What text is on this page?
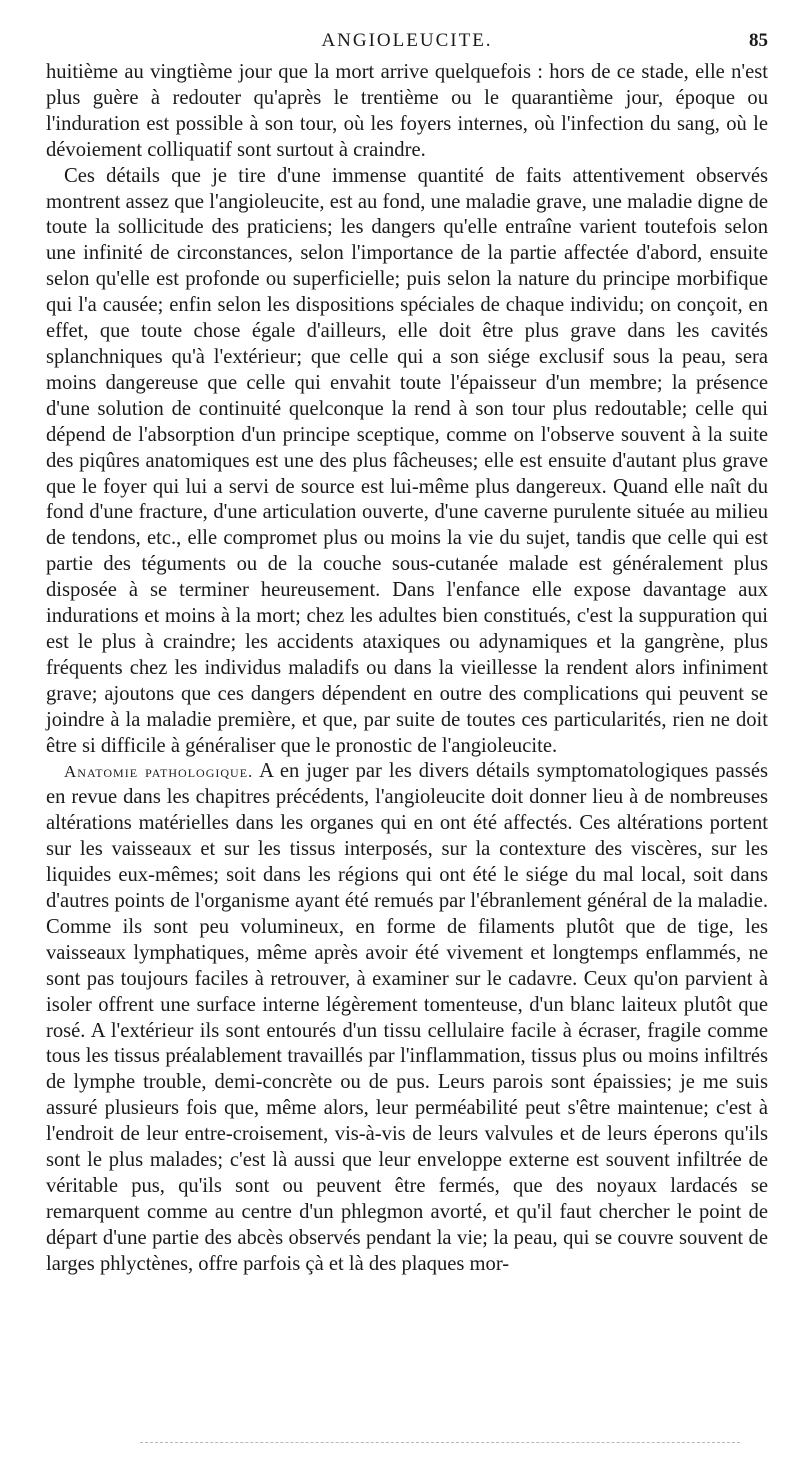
ANGIOLEUCITE.	85

huitième au vingtième jour que la mort arrive quelquefois : hors de ce stade, elle n'est plus guère à redouter qu'après le trentième ou le quarantième jour, époque ou l'induration est possible à son tour, où les foyers internes, où l'infection du sang, où le dévoiement colliquatif sont surtout à craindre.

Ces détails que je tire d'une immense quantité de faits attentivement observés montrent assez que l'angioleucite, est au fond, une maladie grave, une maladie digne de toute la sollicitude des praticiens; les dangers qu'elle entraîne varient toutefois selon une infinité de circonstances, selon l'importance de la partie affectée d'abord, ensuite selon qu'elle est profonde ou superficielle; puis selon la nature du principe morbifique qui l'a causée; enfin selon les dispositions spéciales de chaque individu; on conçoit, en effet, que toute chose égale d'ailleurs, elle doit être plus grave dans les cavités splanchniques qu'à l'extérieur; que celle qui a son siége exclusif sous la peau, sera moins dangereuse que celle qui envahit toute l'épaisseur d'un membre; la présence d'une solution de continuité quelconque la rend à son tour plus redoutable; celle qui dépend de l'absorption d'un principe sceptique, comme on l'observe souvent à la suite des piqûres anatomiques est une des plus fâcheuses; elle est ensuite d'autant plus grave que le foyer qui lui a servi de source est lui-même plus dangereux. Quand elle naît du fond d'une fracture, d'une articulation ouverte, d'une caverne purulente située au milieu de tendons, etc., elle compromet plus ou moins la vie du sujet, tandis que celle qui est partie des téguments ou de la couche sous-cutanée malade est généralement plus disposée à se terminer heureusement. Dans l'enfance elle expose davantage aux indurations et moins à la mort; chez les adultes bien constitués, c'est la suppuration qui est le plus à craindre; les accidents ataxiques ou adynamiques et la gangrène, plus fréquents chez les individus maladifs ou dans la vieillesse la rendent alors infiniment grave; ajoutons que ces dangers dépendent en outre des complications qui peuvent se joindre à la maladie première, et que, par suite de toutes ces particularités, rien ne doit être si difficile à généraliser que le pronostic de l'angioleucite.

Anatomie pathologique. A en juger par les divers détails symptomatologiques passés en revue dans les chapitres précédents, l'angioleucite doit donner lieu à de nombreuses altérations matérielles dans les organes qui en ont été affectés. Ces altérations portent sur les vaisseaux et sur les tissus interposés, sur la contexture des viscères, sur les liquides eux-mêmes; soit dans les régions qui ont été le siége du mal local, soit dans d'autres points de l'organisme ayant été remués par l'ébranlement général de la maladie. Comme ils sont peu volumineux, en forme de filaments plutôt que de tige, les vaisseaux lymphatiques, même après avoir été vivement et longtemps enflammés, ne sont pas toujours faciles à retrouver, à examiner sur le cadavre. Ceux qu'on parvient à isoler offrent une surface interne légèrement tomenteuse, d'un blanc laiteux plutôt que rosé. A l'extérieur ils sont entourés d'un tissu cellulaire facile à écraser, fragile comme tous les tissus préalablement travaillés par l'inflammation, tissus plus ou moins infiltrés de lymphe trouble, demi-concrète ou de pus. Leurs parois sont épaissies; je me suis assuré plusieurs fois que, même alors, leur perméabilité peut s'être maintenue; c'est à l'endroit de leur entre-croisement, vis-à-vis de leurs valvules et de leurs éperons qu'ils sont le plus malades; c'est là aussi que leur enveloppe externe est souvent infiltrée de véritable pus, qu'ils sont ou peuvent être fermés, que des noyaux lardacés se remarquent comme au centre d'un phlegmon avorté, et qu'il faut chercher le point de départ d'une partie des abcès observés pendant la vie; la peau, qui se couvre souvent de larges phlyctènes, offre parfois çà et là des plaques mor-
